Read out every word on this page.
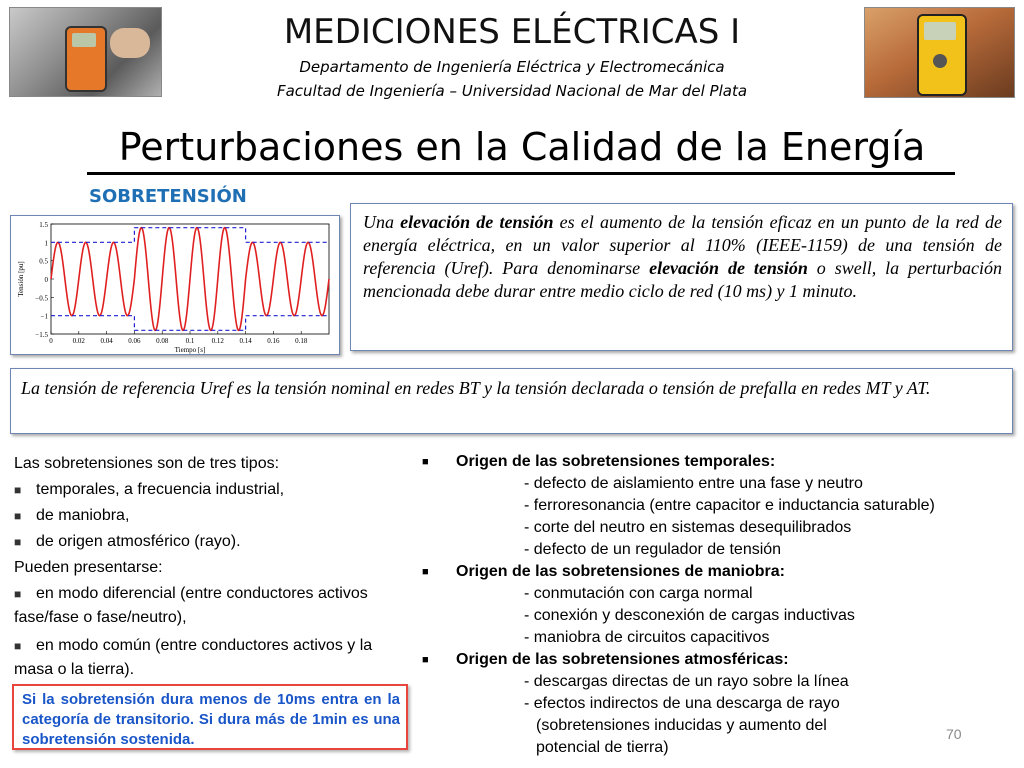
MEDICIONES ELÉCTRICAS I
Departamento de Ingeniería Eléctrica y Electromecánica
Facultad de Ingeniería – Universidad Nacional de Mar del Plata
Perturbaciones en la Calidad de la Energía
SOBRETENSIÓN
1.5
1
0.5
0
−0.5
−1
−1.5
0	0.02 0.04 0.06 0.08 0.1 0.12 0.14 0.16 0.18
Tiempo [s]
Tensión [pu]
Una elevación de tensión es el aumento de la tensión eficaz en un punto de la red de energía eléctrica, en un valor superior al 110% (IEEE-1159) de una tensión de referencia (Uref). Para denominarse elevación de tensión o swell, la perturbación mencionada debe durar entre medio ciclo de red (10 ms) y 1 minuto.
La tensión de referencia Uref es la tensión nominal en redes BT y la tensión declarada o tensión de prefalla en redes MT y AT.
Las sobretensiones son de tres tipos:
■ temporales, a frecuencia industrial,
■ de maniobra,
■ de origen atmosférico (rayo).
Pueden presentarse:
■ en modo diferencial (entre conductores activos fase/fase o fase/neutro),
■ en modo común (entre conductores activos y la masa o la tierra).
■	Origen de las sobretensiones temporales:
- defecto de aislamiento entre una fase y neutro
- ferroresonancia (entre capacitor e inductancia saturable)
- corte del neutro en sistemas desequilibrados
- defecto de un regulador de tensión
■	Origen de las sobretensiones de maniobra:
- conmutación con carga normal
- conexión y desconexión de cargas inductivas
- maniobra de circuitos capacitivos
■	Origen de las sobretensiones atmosféricas:
- descargas directas de un rayo sobre la línea
- efectos indirectos de una descarga de rayo
(sobretensiones inducidas y aumento del
potencial de tierra)
Si la sobretensión dura menos de 10ms entra en la categoría de transitorio. Si dura más de 1min es una sobretensión sostenida.	70
